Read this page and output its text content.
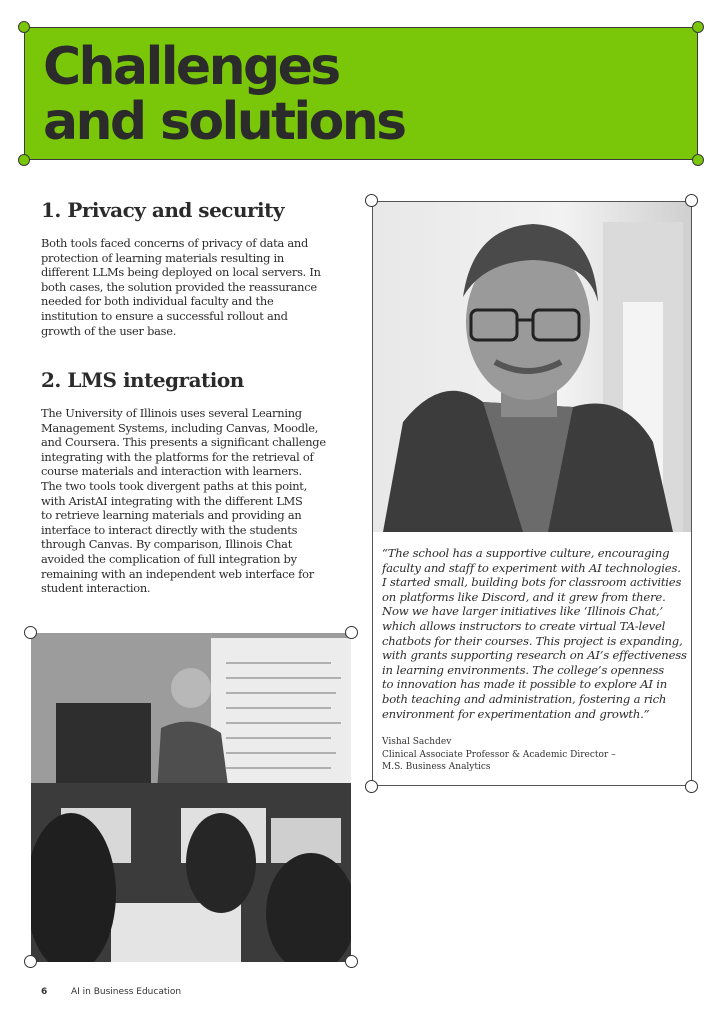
Challenges
and solutions
1. Privacy and security
Both tools faced concerns of privacy of data and
protection of learning materials resulting in
different LLMs being deployed on local servers. In
both cases, the solution provided the reassurance
needed for both individual faculty and the
institution to ensure a successful rollout and
growth of the user base.
2. LMS integration
The University of Illinois uses several Learning
Management Systems, including Canvas, Moodle,
and Coursera. This presents a significant challenge
integrating with the platforms for the retrieval of
course materials and interaction with learners.
The two tools took divergent paths at this point,
with AristAI integrating with the different LMS
to retrieve learning materials and providing an
interface to interact directly with the students
through Canvas. By comparison, Illinois Chat
avoided the complication of full integration by
remaining with an independent web interface for
student interaction.
“The school has a supportive culture, encouraging
faculty and staff to experiment with AI technologies.
I started small, building bots for classroom activities
on platforms like Discord, and it grew from there.
Now we have larger initiatives like ‘Illinois Chat,’
which allows instructors to create virtual TA-level
chatbots for their courses. This project is expanding,
with grants supporting research on AI’s effectiveness
in learning environments. The college’s openness
to innovation has made it possible to explore AI in
both teaching and administration, fostering a rich
environment for experimentation and growth.”

Vishal Sachdev

Clinical Associate Professor & Academic Director –

M.S. Business Analytics

6	AI in Business Education
